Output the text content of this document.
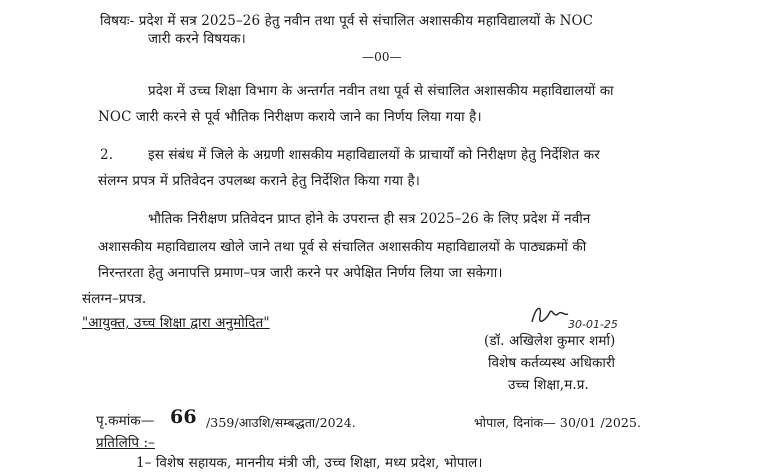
विषयः- प्रदेश में सत्र 2025–26 हेतु नवीन तथा पूर्व से संचालित अशासकीय महाविद्यालयों के NOC
जारी करने विषयक।
—00—
प्रदेश में उच्च शिक्षा विभाग के अन्तर्गत नवीन तथा पूर्व से संचालित अशासकीय महाविद्यालयों का
NOC जारी करने से पूर्व भौतिक निरीक्षण कराये जाने का निर्णय लिया गया है।
2.	इस संबंध में जिले के अग्रणी शासकीय महाविद्यालयों के प्राचार्यों को निरीक्षण हेतु निर्देशित कर
संलग्न प्रपत्र में प्रतिवेदन उपलब्ध कराने हेतु निर्देशित किया गया है।
भौतिक निरीक्षण प्रतिवेदन प्राप्त होने के उपरान्त ही सत्र 2025–26 के लिए प्रदेश में नवीन
अशासकीय महाविद्यालय खोले जाने तथा पूर्व से संचालित अशासकीय महाविद्यालयों के पाठ्यक्रमों की
निरन्तरता हेतु अनापत्ति प्रमाण–पत्र जारी करने पर अपेक्षित निर्णय लिया जा सकेगा।
संलग्न–प्रपत्र.
"आयुक्त, उच्च शिक्षा द्वारा अनुमोदित"	30-01-25
(डॉ. अखिलेश कुमार शर्मा)
विशेष कर्तव्यस्थ अधिकारी
उच्च शिक्षा,म.प्र.
पृ.कमांक— 66 /359/आउशि/सम्बद्धता/2024.	भोपाल, दिनांक— 30/01 /2025.
प्रतिलिपि :–
1– विशेष सहायक, माननीय मंत्री जी, उच्च शिक्षा, मध्य प्रदेश, भोपाल।
